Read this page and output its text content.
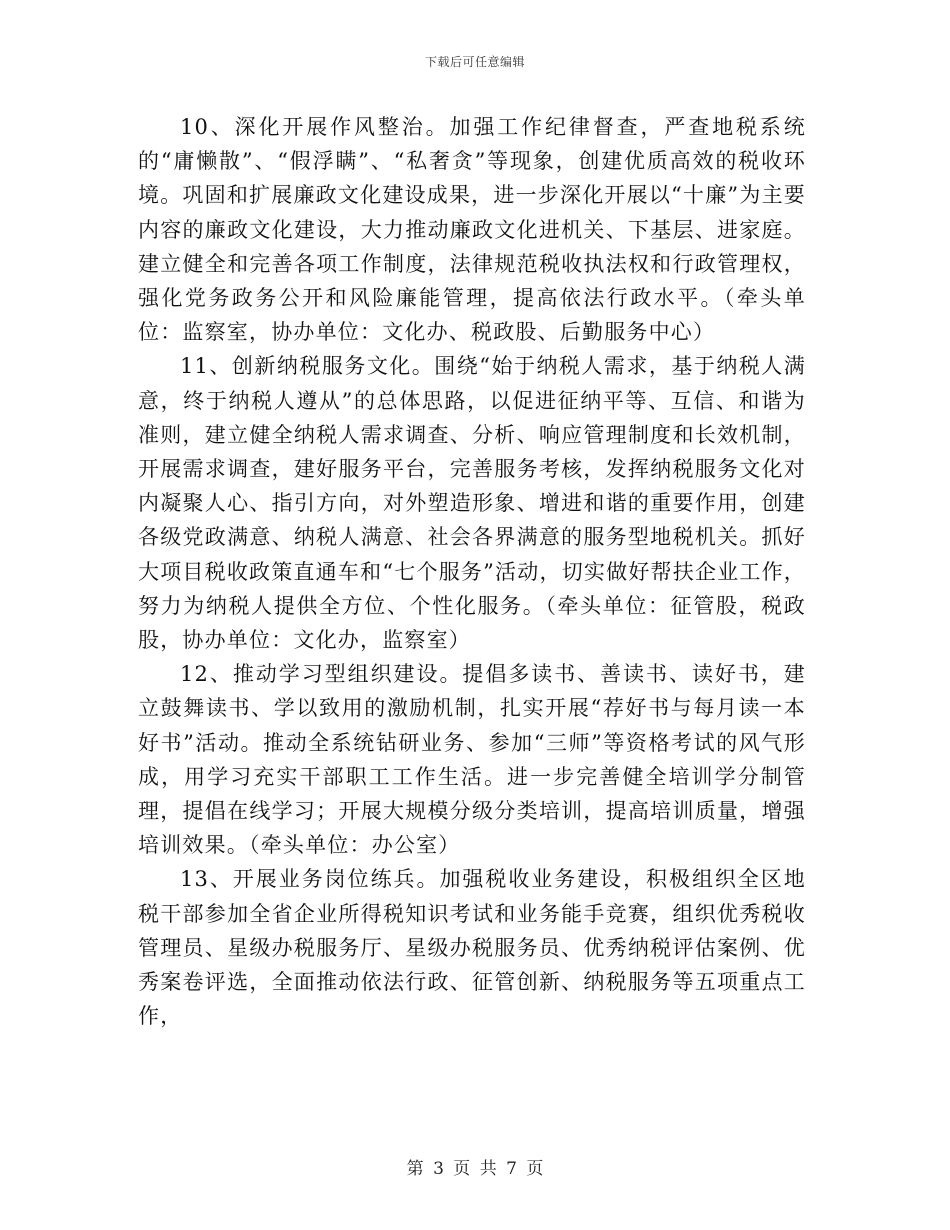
下载后可任意编辑

10、深化开展作风整治。加强工作纪律督查，严查地税系统的“庸懒散”、“假浮瞒”、“私奢贪”等现象，创建优质高效的税收环境。巩固和扩展廉政文化建设成果，进一步深化开展以“十廉”为主要内容的廉政文化建设，大力推动廉政文化进机关、下基层、进家庭。建立健全和完善各项工作制度，法律规范税收执法权和行政管理权，强化党务政务公开和风险廉能管理，提高依法行政水平。（牵头单位：监察室，协办单位：文化办、税政股、后勤服务中心）

11、创新纳税服务文化。围绕“始于纳税人需求，基于纳税人满意，终于纳税人遵从”的总体思路，以促进征纳平等、互信、和谐为准则，建立健全纳税人需求调查、分析、响应管理制度和长效机制，开展需求调查，建好服务平台，完善服务考核，发挥纳税服务文化对内凝聚人心、指引方向，对外塑造形象、增进和谐的重要作用，创建各级党政满意、纳税人满意、社会各界满意的服务型地税机关。抓好大项目税收政策直通车和“七个服务”活动，切实做好帮扶企业工作，努力为纳税人提供全方位、个性化服务。（牵头单位：征管股，税政股，协办单位：文化办，监察室）

12、推动学习型组织建设。提倡多读书、善读书、读好书，建立鼓舞读书、学以致用的激励机制，扎实开展“荐好书与每月读一本好书”活动。推动全系统钻研业务、参加“三师”等资格考试的风气形成，用学习充实干部职工工作生活。进一步完善健全培训学分制管理，提倡在线学习；开展大规模分级分类培训，提高培训质量，增强培训效果。（牵头单位：办公室）

13、开展业务岗位练兵。加强税收业务建设，积极组织全区地税干部参加全省企业所得税知识考试和业务能手竞赛，组织优秀税收管理员、星级办税服务厅、星级办税服务员、优秀纳税评估案例、优秀案卷评选，全面推动依法行政、征管创新、纳税服务等五项重点工作，

第 3 页 共 7 页
